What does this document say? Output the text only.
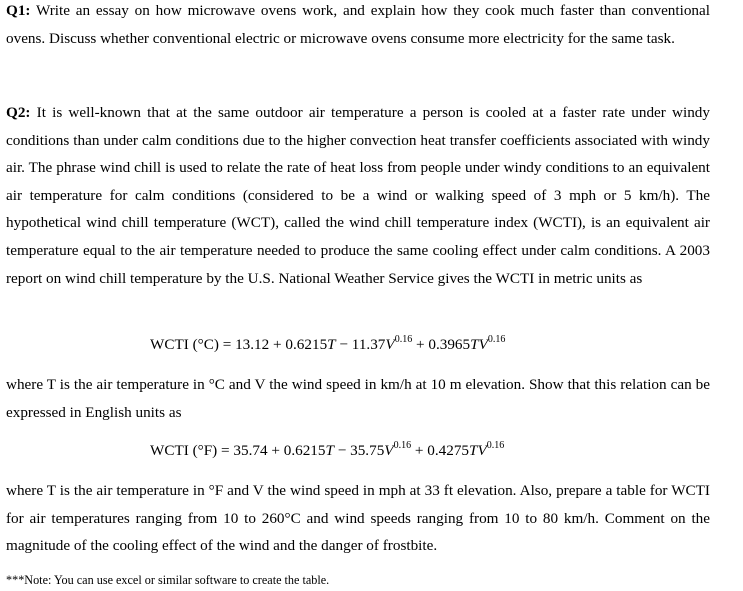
Q1: Write an essay on how microwave ovens work, and explain how they cook much faster than conventional ovens. Discuss whether conventional electric or microwave ovens consume more electricity for the same task.

Q2: It is well-known that at the same outdoor air temperature a person is cooled at a faster rate under windy conditions than under calm conditions due to the higher convection heat transfer coefficients associated with windy air. The phrase wind chill is used to relate the rate of heat loss from people under windy conditions to an equivalent air temperature for calm conditions (considered to be a wind or walking speed of 3 mph or 5 km/h). The hypothetical wind chill temperature (WCT), called the wind chill temperature index (WCTI), is an equivalent air temperature equal to the air temperature needed to produce the same cooling effect under calm conditions. A 2003 report on wind chill temperature by the U.S. National Weather Service gives the WCTI in metric units as

WCTI $(^\circ C) = 13.12 + 0.6215T - 11.37V^{0.16} + 0.3965TV^{0.16}$

where T is the air temperature in °C and V the wind speed in km/h at 10 m elevation. Show that this relation can be expressed in English units as

WCTI $(^\circ F) = 35.74 + 0.6215T - 35.75V^{0.16} + 0.4275TV^{0.16}$

where T is the air temperature in °F and V the wind speed in mph at 33 ft elevation. Also, prepare a table for WCTI for air temperatures ranging from 10 to 260°C and wind speeds ranging from 10 to 80 km/h. Comment on the magnitude of the cooling effect of the wind and the danger of frostbite.

***Note: You can use excel or similar software to create the table.
